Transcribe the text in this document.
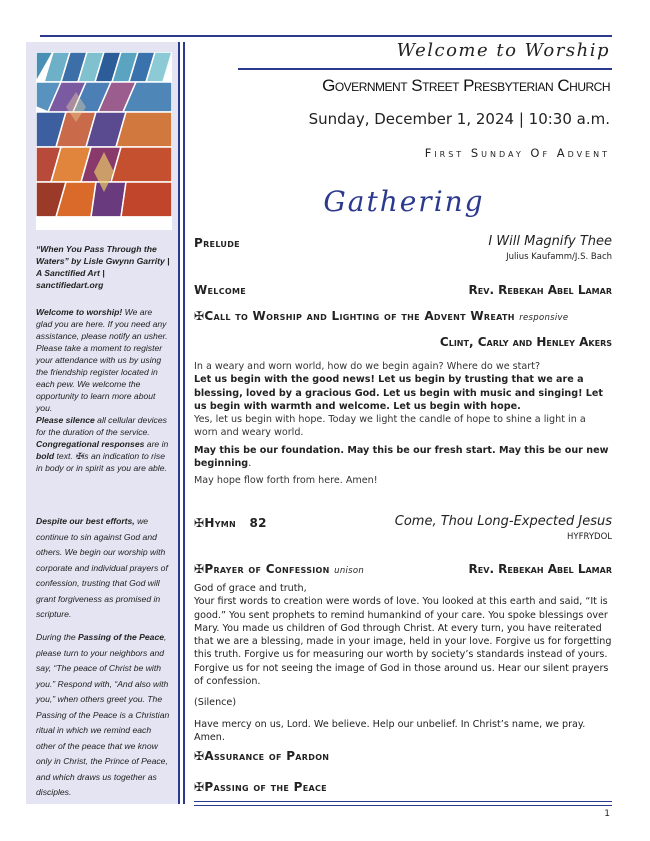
“When You Pass Through the Waters” by Lisle Gwynn Garrity | A Sanctified Art | sanctifiedart.org

Welcome to worship! We are glad you are here. If you need any assistance, please notify an usher. Please take a moment to register your attendance with us by using the friendship register located in each pew. We welcome the opportunity to learn more about you.

Please silence all cellular devices for the duration of the service.

Congregational responses are in bold text. ✠is an indication to rise in body or in spirit as you are able.

Despite our best efforts, we continue to sin against God and others. We begin our worship with corporate and individual prayers of confession, trusting that God will grant forgiveness as promised in scripture.

During the Passing of the Peace, please turn to your neighbors and say, “The peace of Christ be with you.” Respond with, “And also with you,” when others greet you. The Passing of the Peace is a Christian ritual in which we remind each other of the peace that we know only in Christ, the Prince of Peace, and which draws us together as disciples.

Welcome to Worship
Government Street Presbyterian Church
Sunday, December 1, 2024 | 10:30 a.m.
First Sunday Of Advent
Gathering
Prelude	I Will Magnify Thee
Julius Kaufamm/J.S. Bach
Welcome	Rev. Rebekah Abel Lamar
✠Call to Worship and Lighting of the Advent Wreath responsive
Clint, Carly and Henley Akers
In a weary and worn world, how do we begin again? Where do we start?
Let us begin with the good news! Let us begin by trusting that we are a blessing, loved by a gracious God. Let us begin with music and singing! Let us begin with warmth and welcome. Let us begin with hope.
Yes, let us begin with hope. Today we light the candle of hope to shine a light in a worn and weary world.
May this be our foundation. May this be our fresh start. May this be our new beginning.
May hope flow forth from here. Amen!
✠Hymn 82	Come, Thou Long-Expected Jesus
HYFRYDOL
✠Prayer of Confession unison	Rev. Rebekah Abel Lamar
God of grace and truth,
Your first words to creation were words of love. You looked at this earth and said, “It is good.” You sent prophets to remind humankind of your care. You spoke blessings over Mary. You made us children of God through Christ. At every turn, you have reiterated that we are a blessing, made in your image, held in your love. Forgive us for forgetting this truth. Forgive us for measuring our worth by society’s standards instead of yours. Forgive us for not seeing the image of God in those around us. Hear our silent prayers of confession.
(Silence)
Have mercy on us, Lord. We believe. Help our unbelief. In Christ’s name, we pray. Amen.
✠Assurance of Pardon
✠Passing of the Peace
1
